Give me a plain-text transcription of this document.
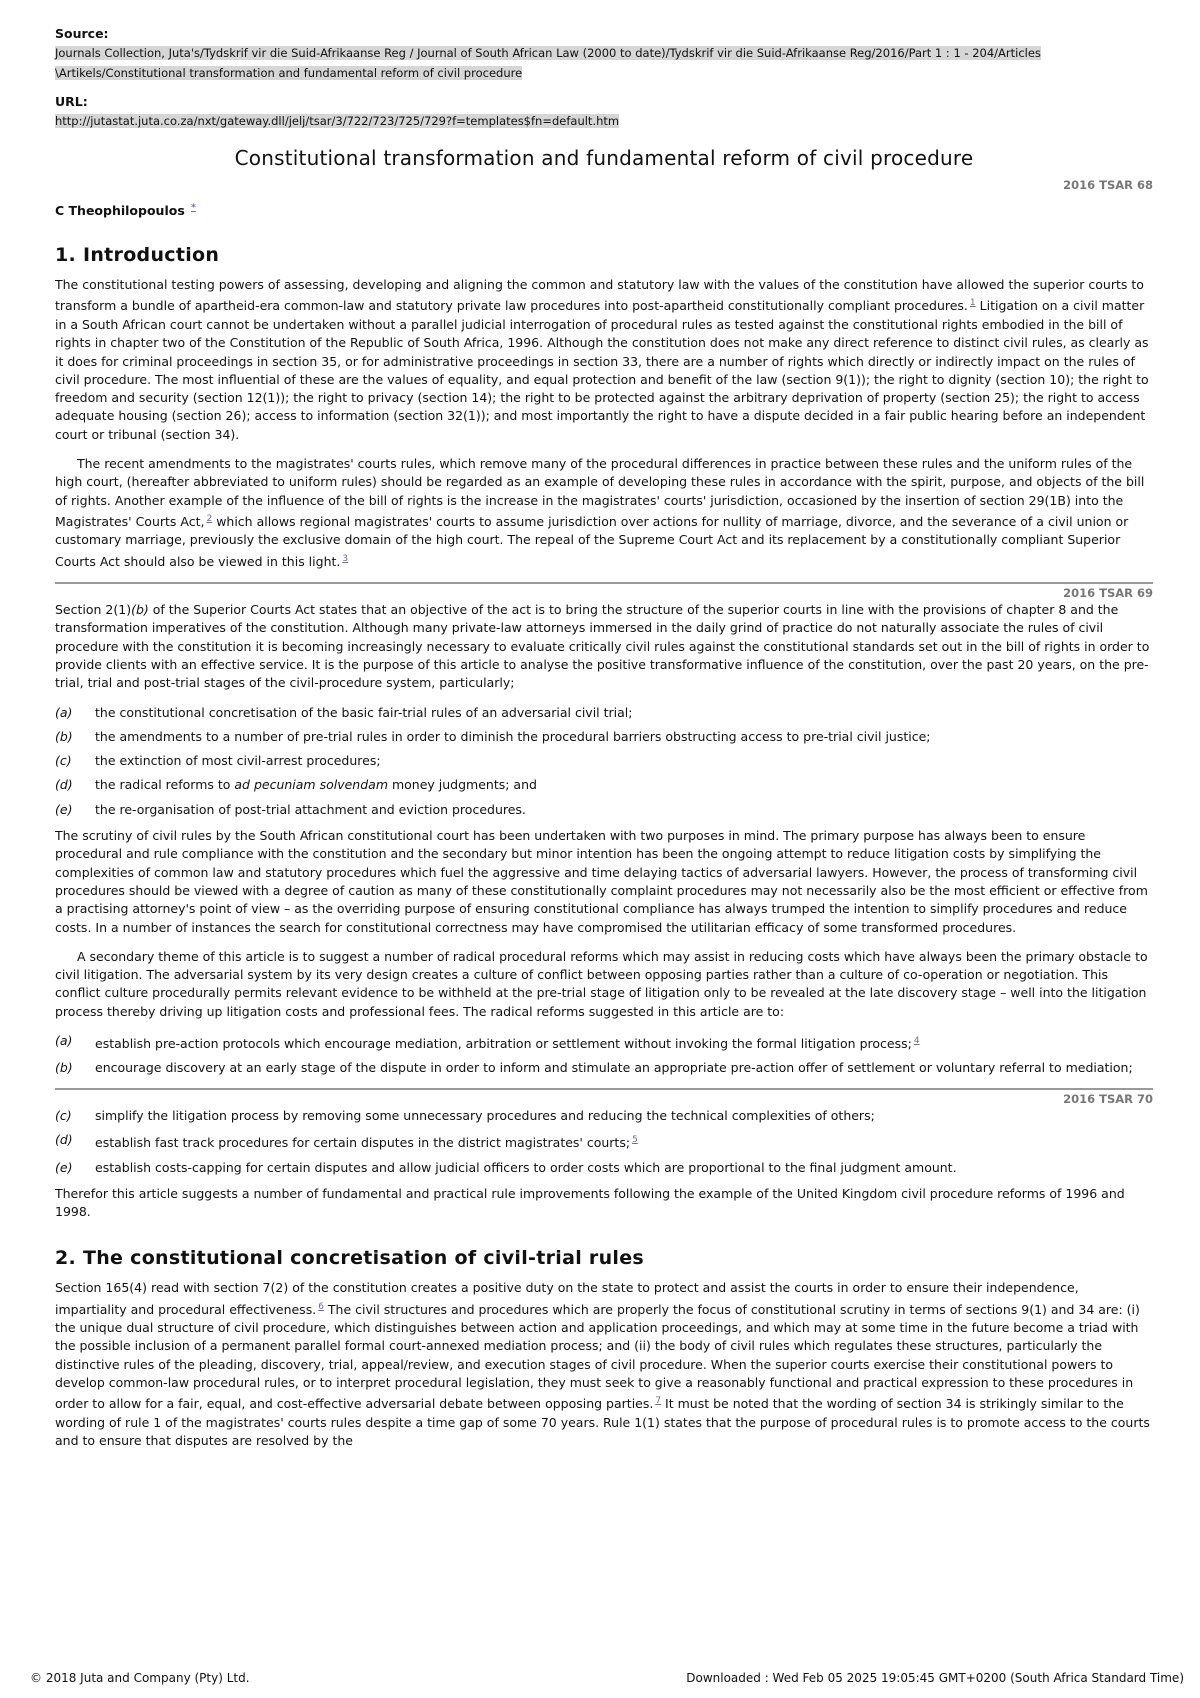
Source:
Journals Collection, Juta's/Tydskrif vir die Suid-Afrikaanse Reg / Journal of South African Law (2000 to date)/Tydskrif vir die Suid-Afrikaanse Reg/2016/Part 1 : 1 - 204/Articles \Artikels/Constitutional transformation and fundamental reform of civil procedure
URL:
http://jutastat.juta.co.za/nxt/gateway.dll/jelj/tsar/3/722/723/725/729?f=templates$fn=default.htm
Constitutional transformation and fundamental reform of civil procedure
2016 TSAR 68
C Theophilopoulos *
1. Introduction

The constitutional testing powers of assessing, developing and aligning the common and statutory law with the values of the constitution have allowed the superior courts to transform a bundle of apartheid-era common-law and statutory private law procedures into post-apartheid constitutionally compliant procedures. $^1$ Litigation on a civil matter in a South African court cannot be undertaken without a parallel judicial interrogation of procedural rules as tested against the constitutional rights embodied in the bill of rights in chapter two of the Constitution of the Republic of South Africa, 1996. Although the constitution does not make any direct reference to distinct civil rules, as clearly as it does for criminal proceedings in section 35, or for administrative proceedings in section 33, there are a number of rights which directly or indirectly impact on the rules of civil procedure. The most influential of these are the values of equality, and equal protection and benefit of the law (section 9(1)); the right to dignity (section 10); the right to freedom and security (section 12(1)); the right to privacy (section 14); the right to be protected against the arbitrary deprivation of property (section 25); the right to access adequate housing (section 26); access to information (section 32(1)); and most importantly the right to have a dispute decided in a fair public hearing before an independent court or tribunal (section 34).

The recent amendments to the magistrates' courts rules, which remove many of the procedural differences in practice between these rules and the uniform rules of the high court, (hereafter abbreviated to uniform rules) should be regarded as an example of developing these rules in accordance with the spirit, purpose, and objects of the bill of rights. Another example of the influence of the bill of rights is the increase in the magistrates' courts' jurisdiction, occasioned by the insertion of section 29(1B) into the Magistrates' Courts Act, $^2$ which allows regional magistrates' courts to assume jurisdiction over actions for nullity of marriage, divorce, and the severance of a civil union or customary marriage, previously the exclusive domain of the high court. The repeal of the Supreme Court Act and its replacement by a constitutionally compliant Superior Courts Act should also be viewed in this light. $^3$

2016 TSAR 69

Section 2(1)(b) of the Superior Courts Act states that an objective of the act is to bring the structure of the superior courts in line with the provisions of chapter 8 and the transformation imperatives of the constitution. Although many private-law attorneys immersed in the daily grind of practice do not naturally associate the rules of civil procedure with the constitution it is becoming increasingly necessary to evaluate critically civil rules against the constitutional standards set out in the bill of rights in order to provide clients with an effective service. It is the purpose of this article to analyse the positive transformative influence of the constitution, over the past 20 years, on the pre-trial, trial and post-trial stages of the civil-procedure system, particularly;

(a) the constitutional concretisation of the basic fair-trial rules of an adversarial civil trial;
(b) the amendments to a number of pre-trial rules in order to diminish the procedural barriers obstructing access to pre-trial civil justice;
(c) the extinction of most civil-arrest procedures;
(d) the radical reforms to ad pecuniam solvendam money judgments; and
(e) the re-organisation of post-trial attachment and eviction procedures.

The scrutiny of civil rules by the South African constitutional court has been undertaken with two purposes in mind. The primary purpose has always been to ensure procedural and rule compliance with the constitution and the secondary but minor intention has been the ongoing attempt to reduce litigation costs by simplifying the complexities of common law and statutory procedures which fuel the aggressive and time delaying tactics of adversarial lawyers. However, the process of transforming civil procedures should be viewed with a degree of caution as many of these constitutionally complaint procedures may not necessarily also be the most efficient or effective from a practising attorney's point of view – as the overriding purpose of ensuring constitutional compliance has always trumped the intention to simplify procedures and reduce costs. In a number of instances the search for constitutional correctness may have compromised the utilitarian efficacy of some transformed procedures.

A secondary theme of this article is to suggest a number of radical procedural reforms which may assist in reducing costs which have always been the primary obstacle to civil litigation. The adversarial system by its very design creates a culture of conflict between opposing parties rather than a culture of co-operation or negotiation. This conflict culture procedurally permits relevant evidence to be withheld at the pre-trial stage of litigation only to be revealed at the late discovery stage – well into the litigation process thereby driving up litigation costs and professional fees. The radical reforms suggested in this article are to:

(a) establish pre-action protocols which encourage mediation, arbitration or settlement without invoking the formal litigation process; $^4$
(b) encourage discovery at an early stage of the dispute in order to inform and stimulate an appropriate pre-action offer of settlement or voluntary referral to mediation;
2016 TSAR 70
(c) simplify the litigation process by removing some unnecessary procedures and reducing the technical complexities of others;
(d) establish fast track procedures for certain disputes in the district magistrates' courts; $^5$
(e) establish costs-capping for certain disputes and allow judicial officers to order costs which are proportional to the final judgment amount.

Therefor this article suggests a number of fundamental and practical rule improvements following the example of the United Kingdom civil procedure reforms of 1996 and 1998.

2. The constitutional concretisation of civil-trial rules

Section 165(4) read with section 7(2) of the constitution creates a positive duty on the state to protect and assist the courts in order to ensure their independence, impartiality and procedural effectiveness. $^6$ The civil structures and procedures which are properly the focus of constitutional scrutiny in terms of sections 9(1) and 34 are: (i) the unique dual structure of civil procedure, which distinguishes between action and application proceedings, and which may at some time in the future become a triad with the possible inclusion of a permanent parallel formal court-annexed mediation process; and (ii) the body of civil rules which regulates these structures, particularly the distinctive rules of the pleading, discovery, trial, appeal/review, and execution stages of civil procedure. When the superior courts exercise their constitutional powers to develop common-law procedural rules, or to interpret procedural legislation, they must seek to give a reasonably functional and practical expression to these procedures in order to allow for a fair, equal, and cost-effective adversarial debate between opposing parties. $^7$ It must be noted that the wording of section 34 is strikingly similar to the wording of rule 1 of the magistrates' courts rules despite a time gap of some 70 years. Rule 1(1) states that the purpose of procedural rules is to promote access to the courts and to ensure that disputes are resolved by the

© 2018 Juta and Company (Pty) Ltd.	Downloaded : Wed Feb 05 2025 19:05:45 GMT+0200 (South Africa Standard Time)
